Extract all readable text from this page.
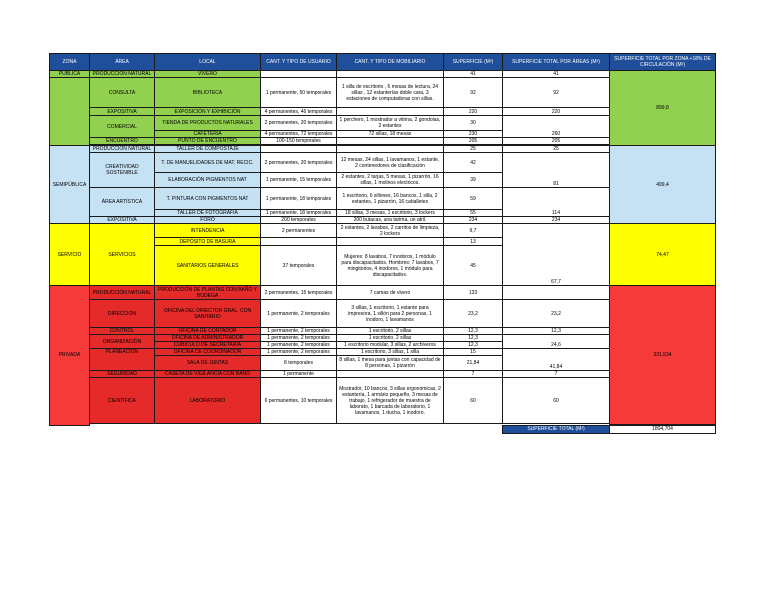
ZONA	ÁREA	LOCAL	CANT. Y TIPO DE USUARIO	CANT. Y TIPO DE MOBILIARIO	SUPERFICIE (M²)	SUPERFICIE TOTAL POR ÁREAS (M²)	SUPERFICIE TOTAL POR ZONA +18% DE CIRCULACIÓN (M²)	
PUBLICA	PRODUCCION NATURAL	VIVERO			41	41	899,8	
	CONSULTA	BIBLIOTECA	1 permanente, 50 temporales	1 silla de escritorio , 6 mesas de lectura, 24 sillas , 12 estanterías doble cara, 3 estaciones de computadoras con sillas.	92	92		
	EXPOSITIVA	EXPOSICIÓN Y EXHIBICIÓN	4 permanentes, 46 temporales		220	220		
	COMERCIAL	TIENDA DE PRODUCTOS NATURALES	2 permanentes, 20 temporales	1 perchero, 1 mostrador a vitrina, 2 gondolas, 2 estantes	30	260		
		CAFETERIA	4 permanentes, 72 temporales	72 sillas, 18 mesas	230			
	ENCUENTRO	PUNTO DE ENCUENTRO	100-150 temporales		205	205		

SEMIPÚBLICA	PRODUCCION NATURAL	TALLER DE COMPOSTAJE			25	25	499,4	
	CREATIVIDAD SOSTENIBLE	T. DE MANUELIDADES DE MAT. RECIC.	2 permanentes, 20 temporales	12 mesas, 24 sillas, 1 lavamanos, 1 estante, 2 contenedores de clasificación	42	81		
		ELABORACIÓN PIGMENTOS NAT	1 permanente, 15 temporales	2 estantes, 2 tarjas, 5 mesas, 1 pizarrón, 16 sillas, 1 molinos electricos.	39			
	ÁREA ARTÍSTICA	T. PINTURA CON PIGMENTOS NAT	1 permanente, 18 temporales	1 escritorio, 6 sillones, 16 bancos, 1 silla, 2 estantes, 1 pizarrón, 16 caballetes	59	114		
		TALLER DE FOTOGRAFÍA	1 permanente, 18 temporales	18 sillas, 3 mesas, 1 escritorio, 3 lockers	55			
	EXPOSITIVA	FORO	200 temporales	200 butacas, una tarima, un atril.	234	234		
SERVICIO	SERVICIOS	INTENDENCIA	2 permanentes	2 estantes, 2 lavabos, 2 carritos de limpieza, 2 lockers	9,7	67,7	74,47	
		DEPÓSITO DE BASURA			13			
		SANITARIOS GENERALES	37 temporales	Mujeres: 8 lavabos, 7 inodoros, 1 módulo para discapacitados. Hombres: 7 lavabos, 7 mingitorios, 4 inodoros, 1 módulo para discapacitados.	45			
PRIVADA	PRODUCCIÓN NATURAL	PRODUCCIÓN DE PLANTAS CON BAÑO Y BODEGA	2 permanentes, 15 temporales	7 camas de vivero	133		331,534	
	DIRECCIÓN	OFICINA DEL DIRECTOR GRAL. CON SANITARIO	1 permanente, 2 temporales	3 sillas, 1 escritorio, 1 estante para impresora, 1 sillón para 2 personas, 1 inodoro, 1 lavamanos	23,2	23,2		
	CONTROL	OFICINA DE CONTADOR	1 permanente, 2 temporales	1 escritorio, 2 sillas	12,3	12,3		
	ORGANIZACIÓN	OFICINA DE ADMINISTRADOR	1 permanente, 2 temporales	1 escritorio, 2 sillas	12,3	24,6		
		CUBÍCULO DE SECRETARIA	1 permanente, 2 temporales	1 escritorio modular, 3 sillas, 2 archiveros	12,3			
	PLANEACIÓN	OFICINA DE COORDINADOR	1 permanente, 2 temporales	1 escritorio, 3 sillas, 1 silla	15	41,84		
		SALA DE JUNTAS	8 temporales	8 sillas, 1 mesa para juntas con capacidad de 8 personas, 1 pizarrón	21,84			
	SEGURIDAD	CASETA DE VIGILANCIA CON BAÑO	1 permanente		7	7		
	CIENTÍFICA	LABORATORIO	6 permanentes, 10 temporales	Mostrador, 10 bancos, 3 sillas ergonómicas, 2 estantería, 1 armário pequeño, 3 mesas de trabajo, 1 refrigerador de muestra de laborato, 1 barcada de laboratorio, 1 lavamanos, 1 ducha, 1 inodoro.	60	60		

						SUPERFICIE TOTAL (M²)	1804,704	
